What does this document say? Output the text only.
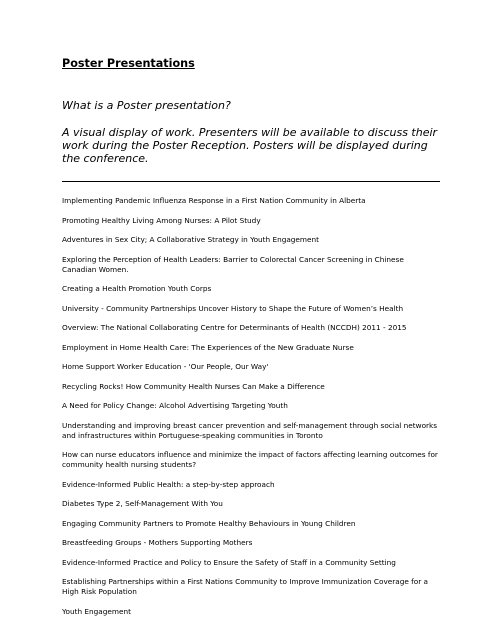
Poster Presentations

What is a Poster presentation?

A visual display of work. Presenters will be available to discuss their work during the Poster Reception. Posters will be displayed during the conference.

Implementing Pandemic Influenza Response in a First Nation Community in Alberta
Promoting Healthy Living Among Nurses: A Pilot Study
Adventures in Sex City; A Collaborative Strategy in Youth Engagement
Exploring the Perception of Health Leaders: Barrier to Colorectal Cancer Screening in Chinese Canadian Women.
Creating a Health Promotion Youth Corps
University - Community Partnerships Uncover History to Shape the Future of Women’s Health
Overview: The National Collaborating Centre for Determinants of Health (NCCDH) 2011 - 2015
Employment in Home Health Care: The Experiences of the New Graduate Nurse
Home Support Worker Education - 'Our People, Our Way'
Recycling Rocks! How Community Health Nurses Can Make a Difference
A Need for Policy Change: Alcohol Advertising Targeting Youth
Understanding and improving breast cancer prevention and self-management through social networks and infrastructures within Portuguese-speaking communities in Toronto
How can nurse educators influence and minimize the impact of factors affecting learning outcomes for community health nursing students?
Evidence-Informed Public Health: a step-by-step approach
Diabetes Type 2, Self-Management With You
Engaging Community Partners to Promote Healthy Behaviours in Young Children
Breastfeeding Groups - Mothers Supporting Mothers
Evidence-Informed Practice and Policy to Ensure the Safety of Staff in a Community Setting
Establishing Partnerships within a First Nations Community to Improve Immunization Coverage for a High Risk Population
Youth Engagement
